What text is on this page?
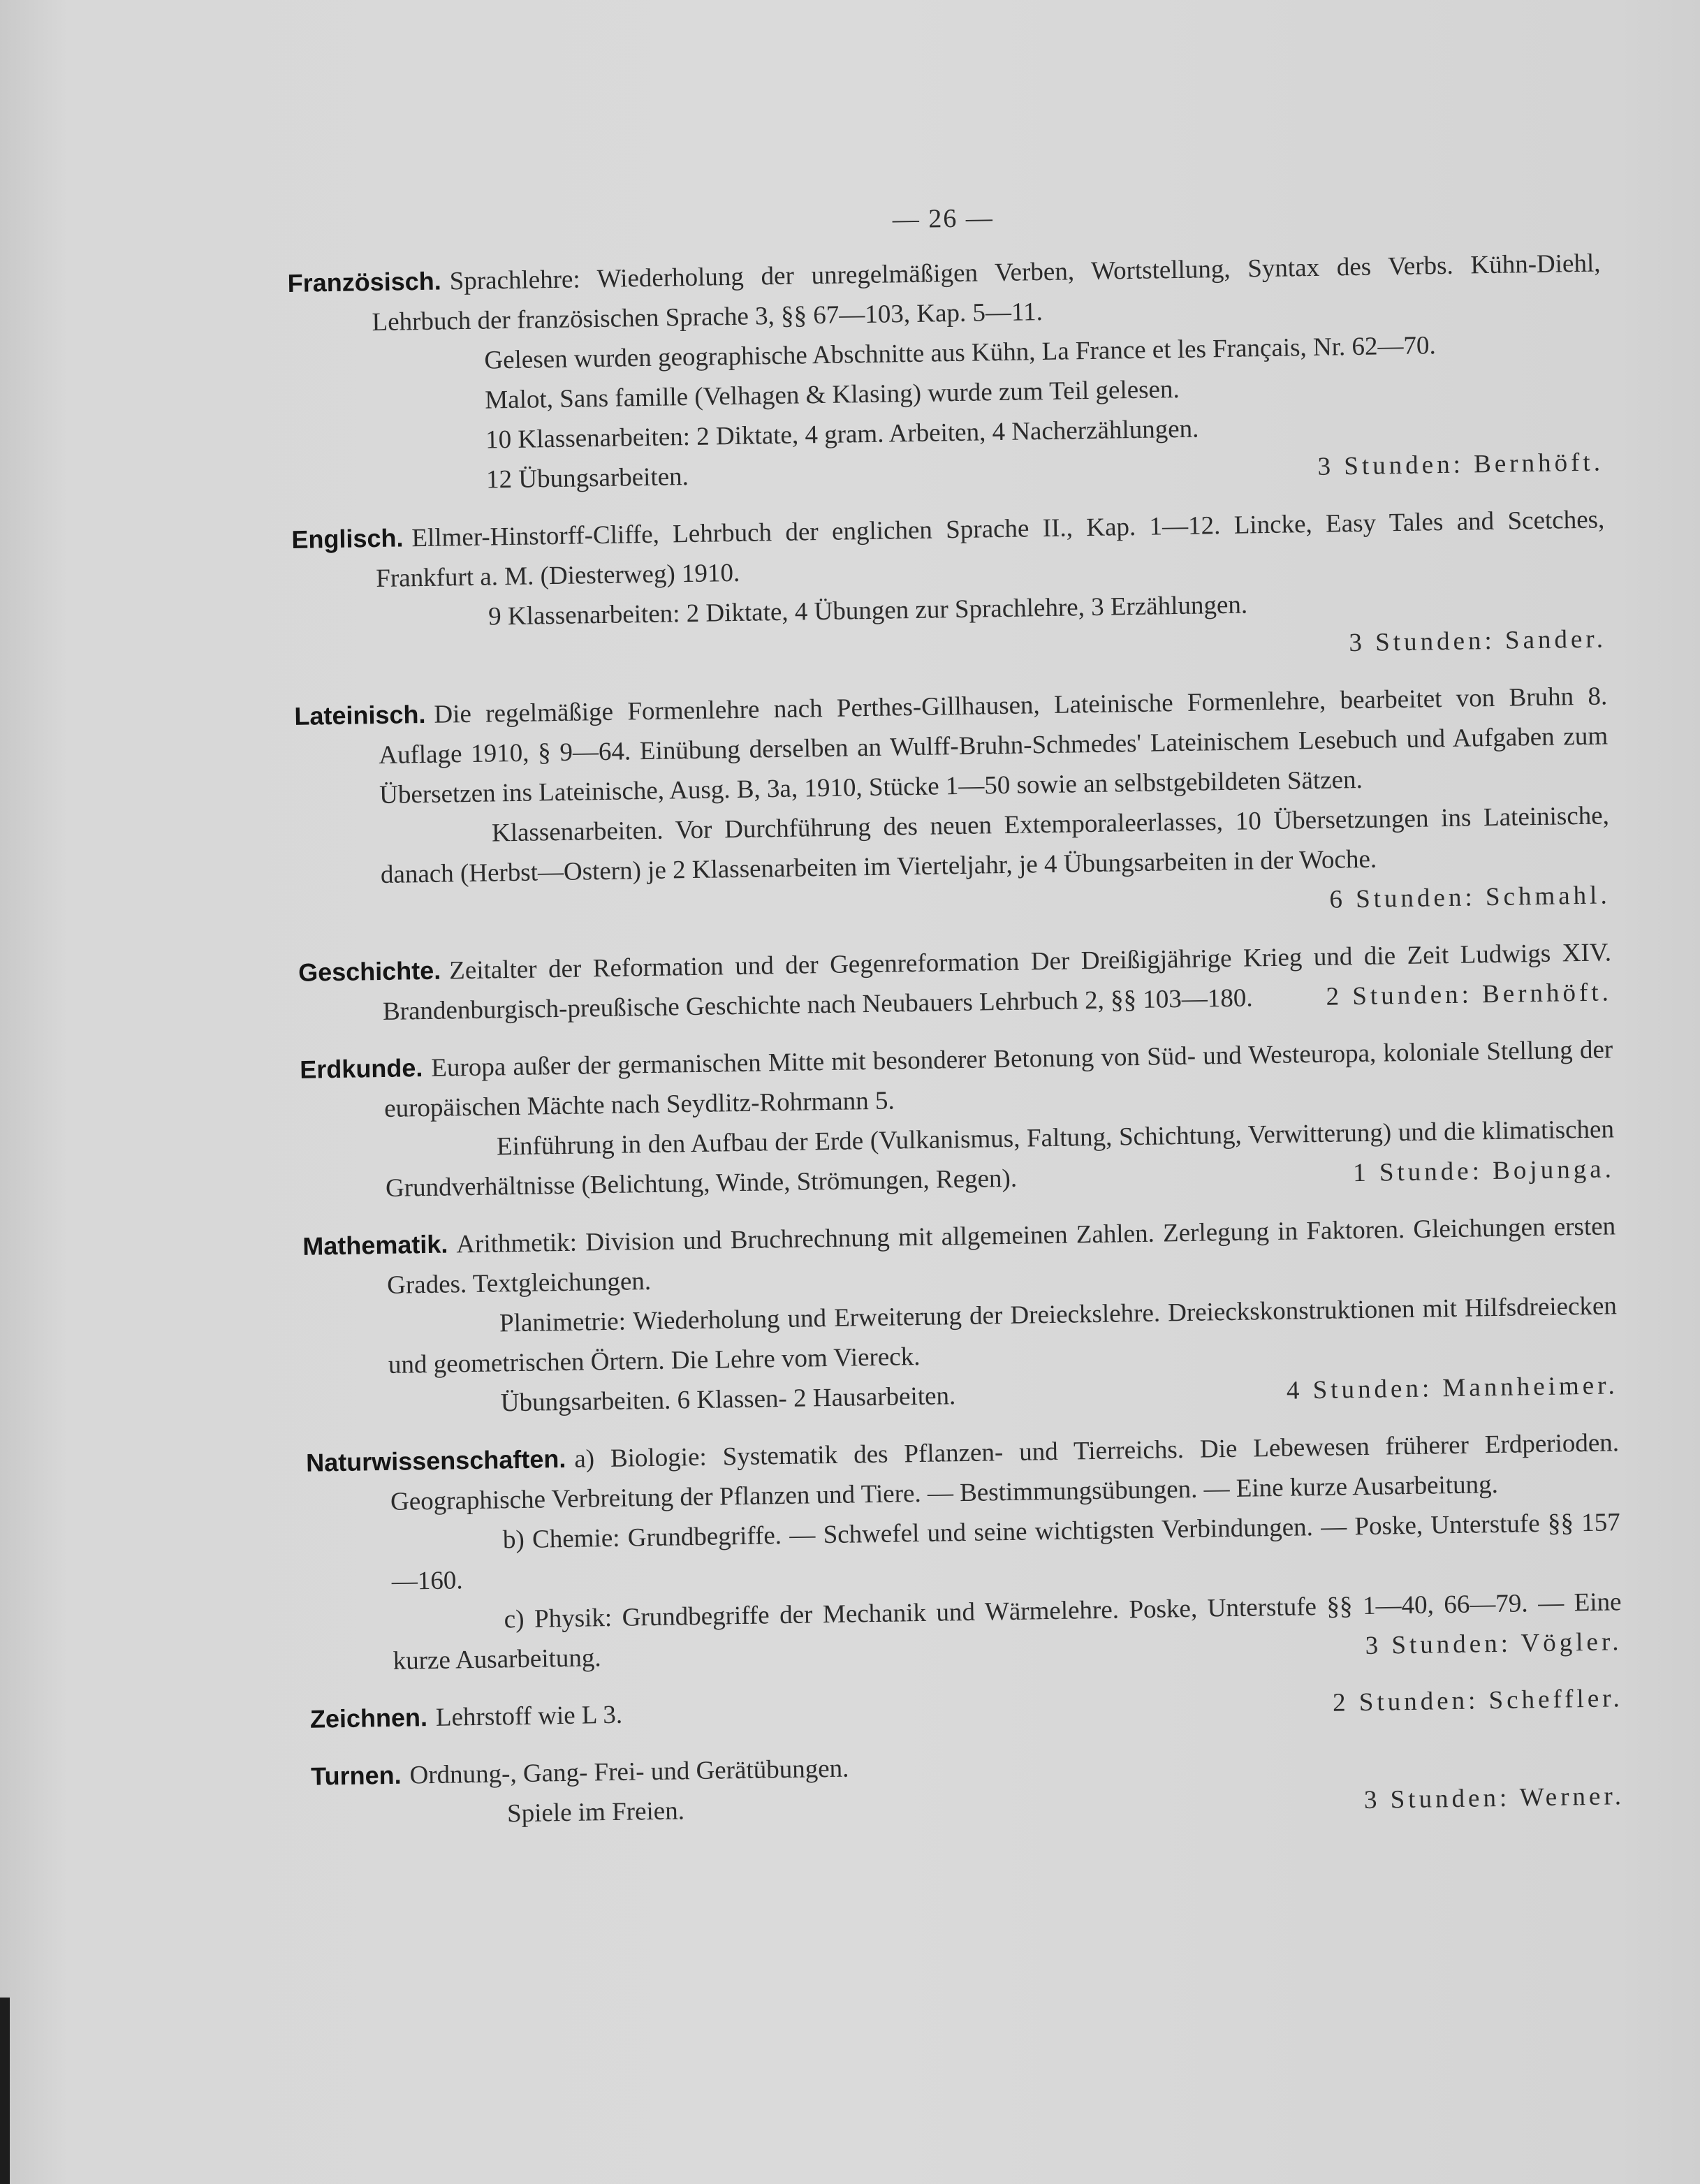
— 26 —

Französisch. Sprachlehre: Wiederholung der unregelmäßigen Verben, Wortstellung, Syntax des Verbs. Kühn-Diehl, Lehrbuch der französischen Sprache 3, §§ 67—103, Kap. 5—11.

Gelesen wurden geographische Abschnitte aus Kühn, La France et les Français, Nr. 62—70.

Malot, Sans famille (Velhagen & Klasing) wurde zum Teil gelesen.

10 Klassenarbeiten: 2 Diktate, 4 gram. Arbeiten, 4 Nacherzählungen.

3 Stunden: Bernhöft.
12 Übungsarbeiten.

Englisch. Ellmer-Hinstorff-Cliffe, Lehrbuch der englichen Sprache II., Kap. 1—12. Lincke, Easy Tales and Scetches, Frankfurt a. M. (Diesterweg) 1910.

9 Klassenarbeiten: 2 Diktate, 4 Übungen zur Sprachlehre, 3 Erzählungen.

3 Stunden: Sander.

Lateinisch. Die regelmäßige Formenlehre nach Perthes-Gillhausen, Lateinische Formenlehre, bearbeitet von Bruhn 8. Auflage 1910, § 9—64. Einübung derselben an Wulff-Bruhn-Schmedes' Lateinischem Lesebuch und Aufgaben zum Übersetzen ins Lateinische, Ausg. B, 3a, 1910, Stücke 1—50 sowie an selbstgebildeten Sätzen.

Klassenarbeiten. Vor Durchführung des neuen Extemporaleerlasses, 10 Übersetzungen ins Lateinische, danach (Herbst—Ostern) je 2 Klassenarbeiten im Vierteljahr, je 4 Übungsarbeiten in der Woche.
6 Stunden: Schmahl.

Geschichte. Zeitalter der Reformation und der Gegenreformation Der Dreißigjährige Krieg und die Zeit Ludwigs XIV. Brandenburgisch-preußische Geschichte nach Neubauers Lehrbuch 2, §§ 103—180.	2 Stunden: Bernhöft.

Erdkunde. Europa außer der germanischen Mitte mit besonderer Betonung von Süd- und Westeuropa, koloniale Stellung der europäischen Mächte nach Seydlitz-Rohrmann 5.

Einführung in den Aufbau der Erde (Vulkanismus, Faltung, Schichtung, Verwitterung) und die klimatischen Grundverhältnisse (Belichtung, Winde, Strömungen, Regen).	1 Stunde: Bojunga.

Mathematik. Arithmetik: Division und Bruchrechnung mit allgemeinen Zahlen. Zerlegung in Faktoren. Gleichungen ersten Grades. Textgleichungen.

Planimetrie: Wiederholung und Erweiterung der Dreieckslehre. Dreieckskonstruktionen mit Hilfsdreiecken und geometrischen Örtern. Die Lehre vom Viereck.

4 Stunden: Mannheimer.
Übungsarbeiten. 6 Klassen- 2 Hausarbeiten.

Naturwissenschaften. a) Biologie: Systematik des Pflanzen- und Tierreichs. Die Lebewesen früherer Erdperioden. Geographische Verbreitung der Pflanzen und Tiere. — Bestimmungsübungen. — Eine kurze Ausarbeitung.

b) Chemie: Grundbegriffe. — Schwefel und seine wichtigsten Verbindungen. — Poske, Unterstufe §§ 157—160.

c) Physik: Grundbegriffe der Mechanik und Wärmelehre. Poske, Unterstufe §§ 1—40, 66—79. — Eine kurze Ausarbeitung.	3 Stunden: Vögler.

2 Stunden: Scheffler.
Zeichnen. Lehrstoff wie L 3.

Turnen. Ordnung-, Gang- Frei- und Gerätübungen.

3 Stunden: Werner.
Spiele im Freien.
